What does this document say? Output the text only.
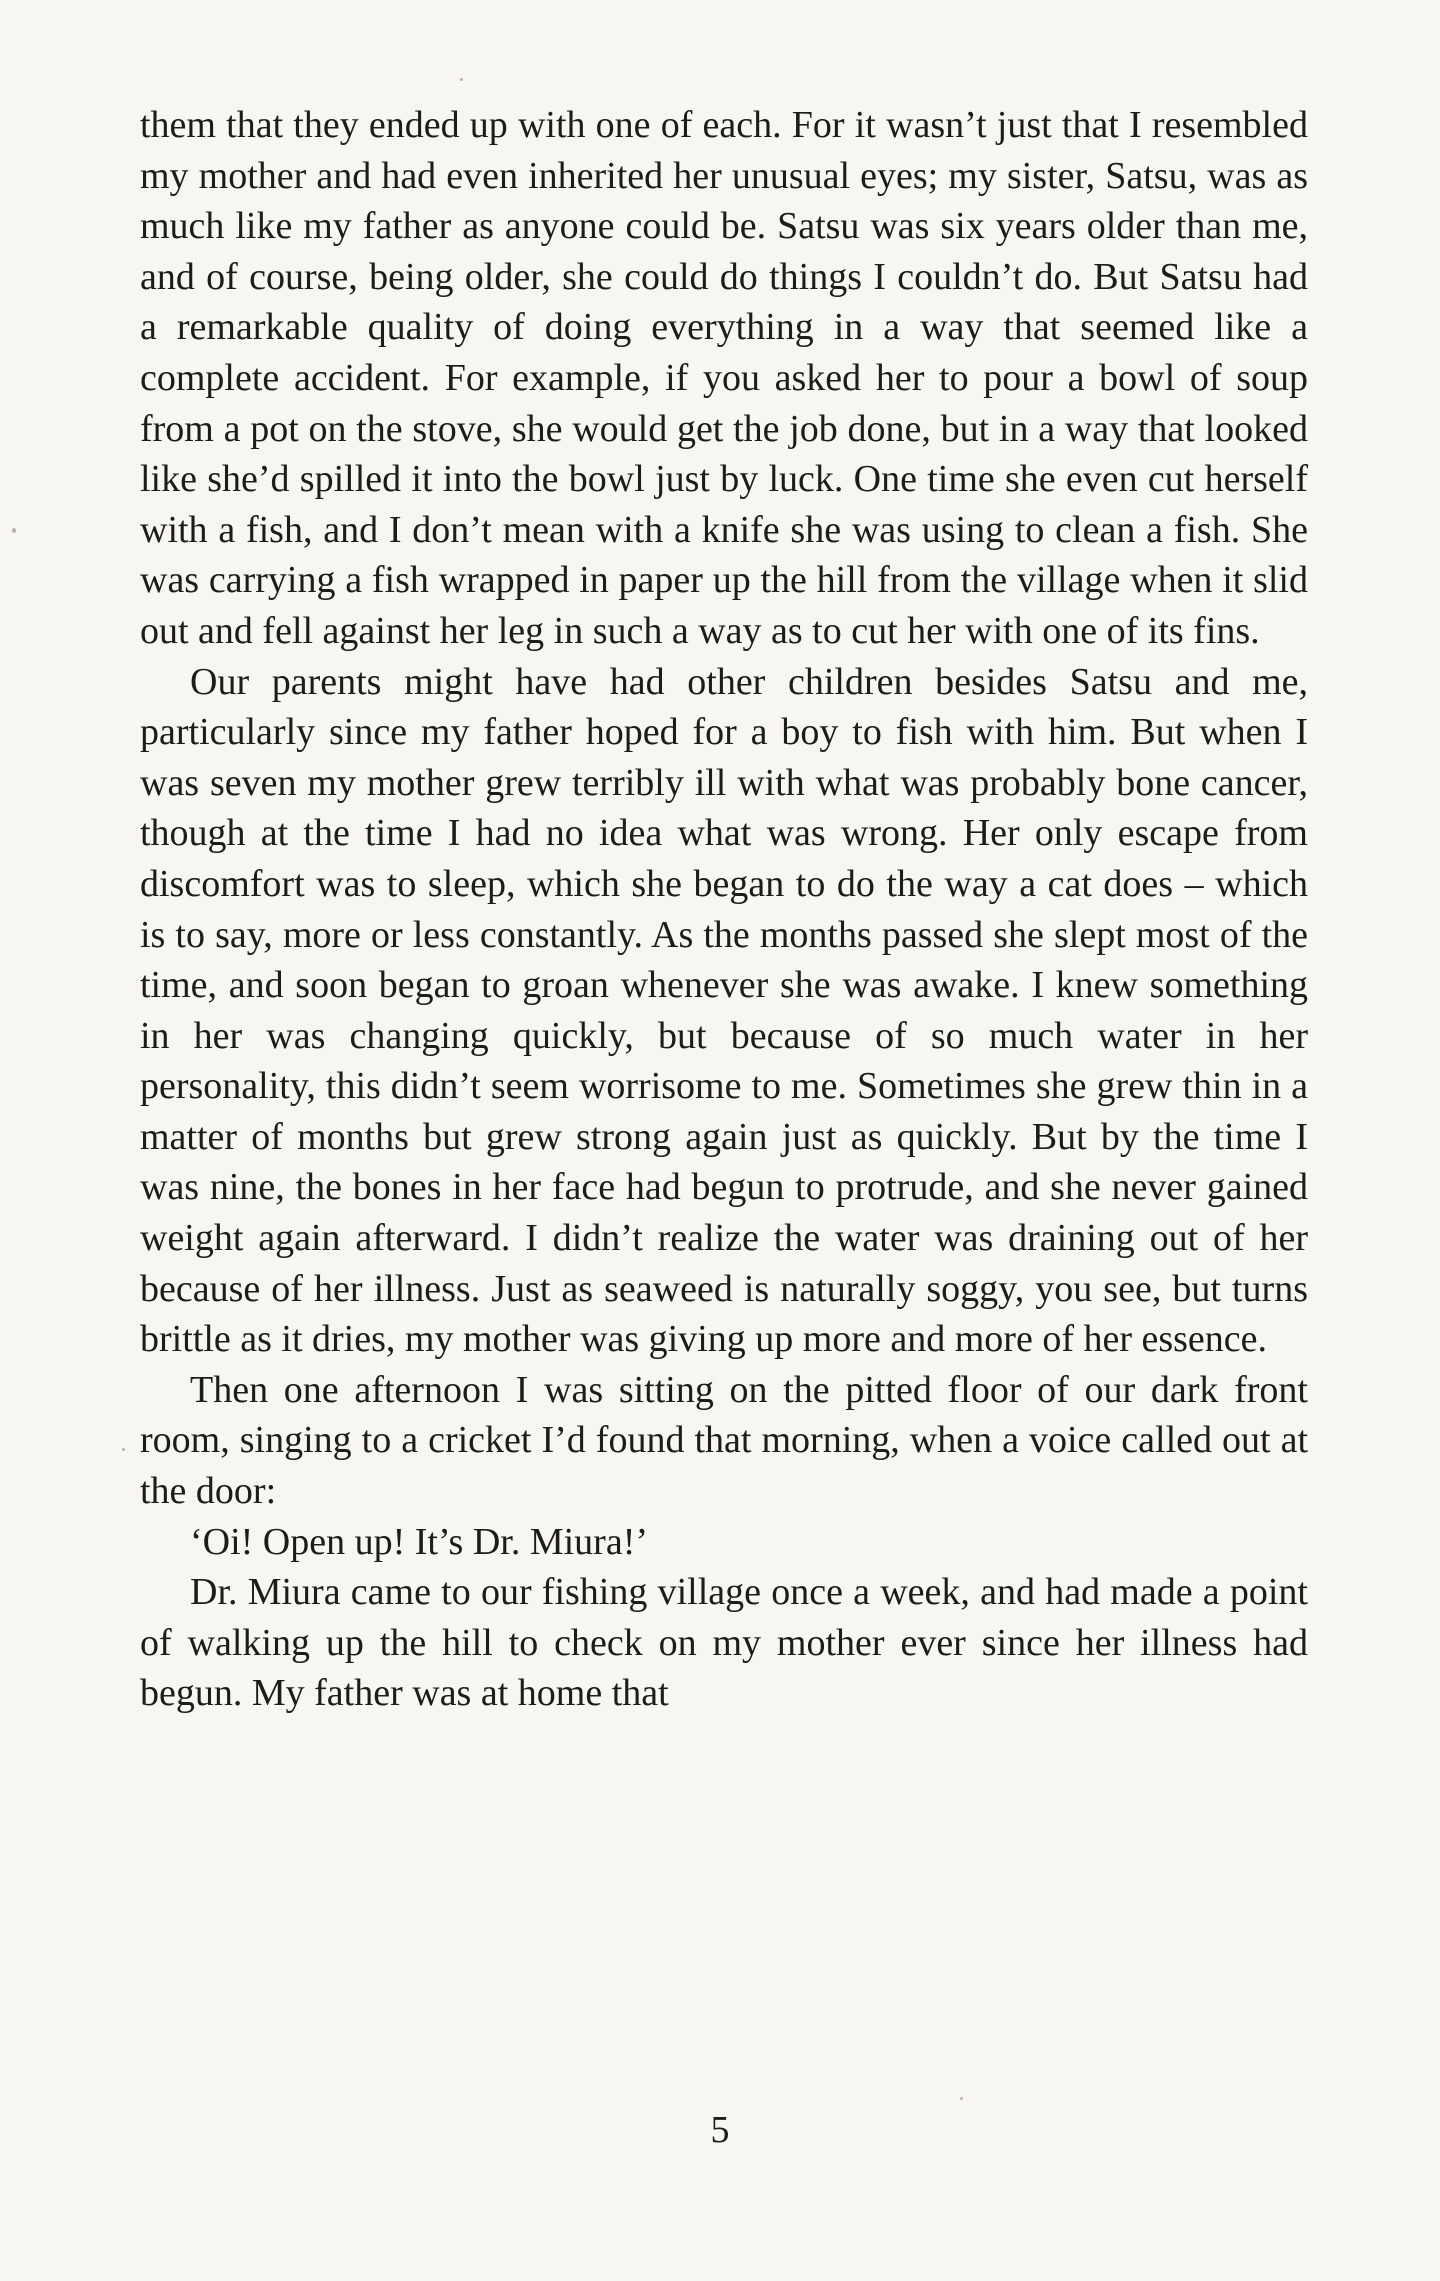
them that they ended up with one of each. For it wasn’t just that I resembled my mother and had even inherited her unusual eyes; my sister, Satsu, was as much like my father as anyone could be. Satsu was six years older than me, and of course, being older, she could do things I couldn’t do. But Satsu had a remarkable quality of doing everything in a way that seemed like a complete accident. For example, if you asked her to pour a bowl of soup from a pot on the stove, she would get the job done, but in a way that looked like she’d spilled it into the bowl just by luck. One time she even cut herself with a fish, and I don’t mean with a knife she was using to clean a fish. She was carrying a fish wrapped in paper up the hill from the village when it slid out and fell against her leg in such a way as to cut her with one of its fins.

Our parents might have had other children besides Satsu and me, particularly since my father hoped for a boy to fish with him. But when I was seven my mother grew terribly ill with what was probably bone cancer, though at the time I had no idea what was wrong. Her only escape from discomfort was to sleep, which she began to do the way a cat does – which is to say, more or less constantly. As the months passed she slept most of the time, and soon began to groan whenever she was awake. I knew something in her was changing quickly, but because of so much water in her personality, this didn’t seem worrisome to me. Sometimes she grew thin in a matter of months but grew strong again just as quickly. But by the time I was nine, the bones in her face had begun to protrude, and she never gained weight again afterward. I didn’t realize the water was draining out of her because of her illness. Just as seaweed is naturally soggy, you see, but turns brittle as it dries, my mother was giving up more and more of her essence.

Then one afternoon I was sitting on the pitted floor of our dark front room, singing to a cricket I’d found that morning, when a voice called out at the door:

‘Oi! Open up! It’s Dr. Miura!’

Dr. Miura came to our fishing village once a week, and had made a point of walking up the hill to check on my mother ever since her illness had begun. My father was at home that

5
